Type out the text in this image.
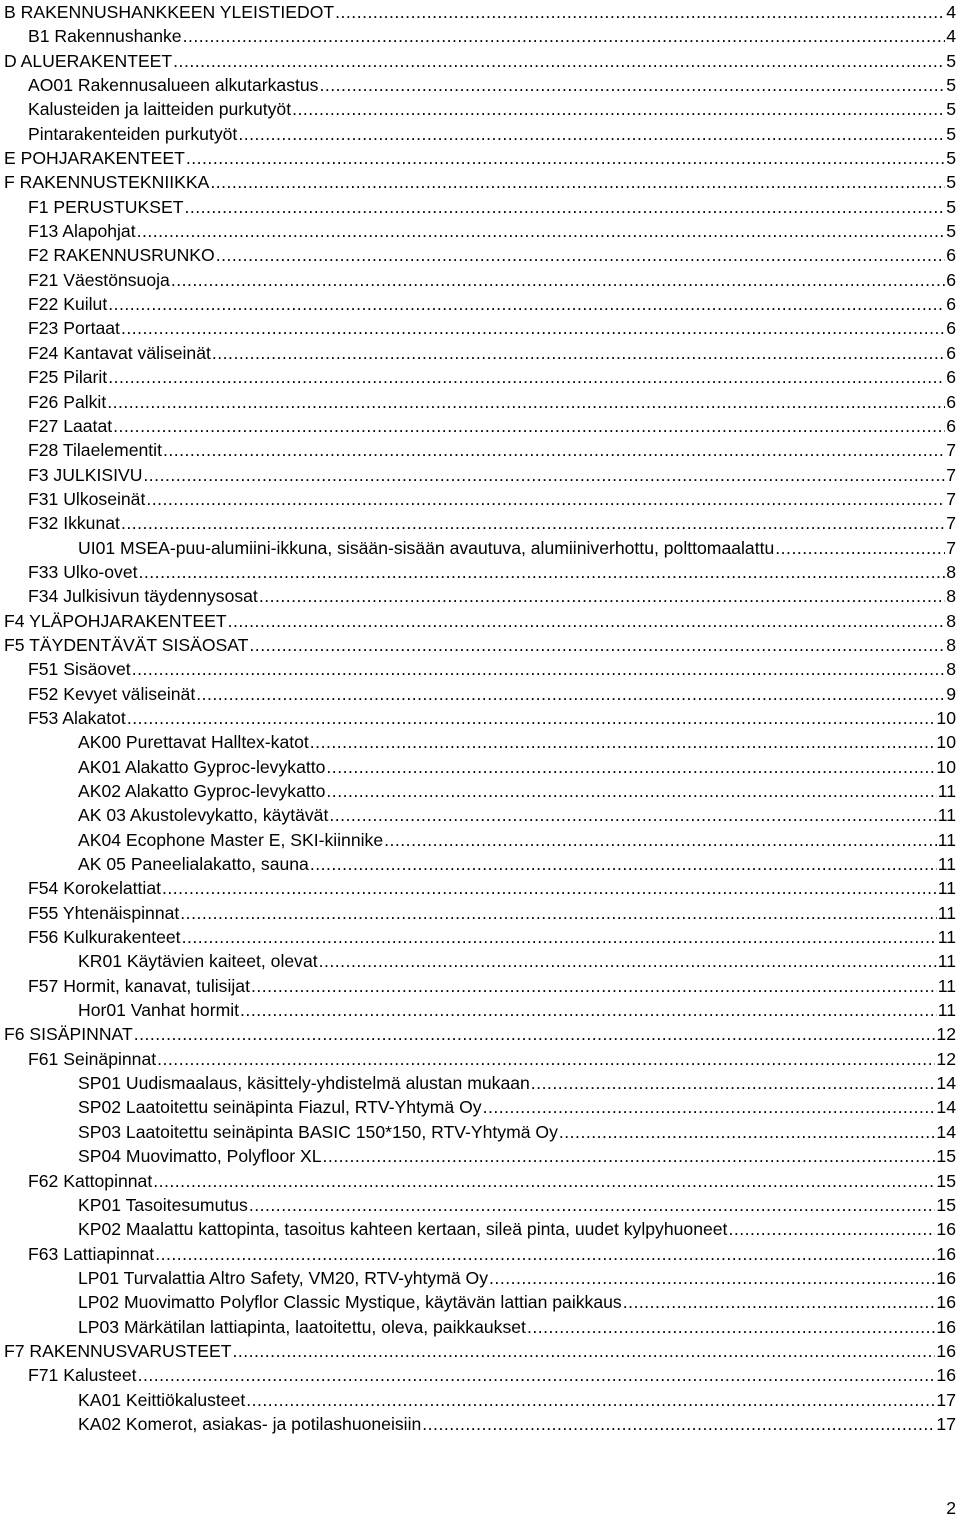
B RAKENNUSHANKKEEN YLEISTIEDOT .....	4
B1 Rakennushanke .....	4
D ALUERAKENTEET .....	5
AO01 Rakennusalueen alkutarkastus .....	5
Kalusteiden ja laitteiden purkutyöt .....	5
Pintarakenteiden purkutyöt .....	5
E POHJARAKENTEET .....	5
F RAKENNUSTEKNIIKKA .....	5
F1 PERUSTUKSET .....	5
F13 Alapohjat .....	5
F2 RAKENNUSRUNKO .....	6
F21 Väestönsuoja .....	6
F22 Kuilut .....	6
F23 Portaat .....	6
F24 Kantavat väliseinät .....	6
F25 Pilarit .....	6
F26 Palkit .....	6
F27 Laatat .....	6
F28 Tilaelementit .....	7
F3 JULKISIVU .....	7
F31 Ulkoseinät .....	7
F32 Ikkunat .....	7
UI01 MSEA-puu-alumiini-ikkuna, sisään-sisään avautuva, alumiiniverhottu, polttomaalattu .....	7
F33 Ulko-ovet .....	8
F34 Julkisivun täydennysosat .....	8
F4 YLÄPOHJARAKENTEET .....	8
F5 TÄYDENTÄVÄT SISÄOSAT .....	8
F51 Sisäovet .....	8
F52 Kevyet väliseinät .....	9
F53 Alakatot .....	10
AK00 Purettavat Halltex-katot .....	10
AK01 Alakatto Gyproc-levykatto .....	10
AK02 Alakatto Gyproc-levykatto .....	11
AK 03 Akustolevykatto, käytävät .....	11
AK04 Ecophone Master E, SKI-kiinnike .....	11
AK 05 Paneelialakatto, sauna .....	11
F54 Korokelattiat .....	11
F55 Yhtenäispinnat .....	11
F56 Kulkurakenteet .....	11
KR01 Käytävien kaiteet, olevat .....	11
F57 Hormit, kanavat, tulisijat .....	11
Hor01 Vanhat hormit .....	11
F6 SISÄPINNAT .....	12
F61 Seinäpinnat .....	12
SP01 Uudismaalaus, käsittely-yhdistelmä alustan mukaan .....	14
SP02 Laatoitettu seinäpinta Fiazul, RTV-Yhtymä Oy .....	14
SP03 Laatoitettu seinäpinta BASIC 150*150, RTV-Yhtymä Oy .....	14
SP04 Muovimatto, Polyfloor XL .....	15
F62 Kattopinnat .....	15
KP01 Tasoitesumutus .....	15
KP02 Maalattu kattopinta, tasoitus kahteen kertaan, sileä pinta, uudet kylpyhuoneet .....	16
F63 Lattiapinnat .....	16
LP01 Turvalattia Altro Safety, VM20, RTV-yhtymä Oy .....	16
LP02 Muovimatto Polyflor Classic Mystique, käytävän lattian paikkaus .....	16
LP03 Märkätilan lattiapinta, laatoitettu, oleva, paikkaukset .....	16
F7 RAKENNUSVARUSTEET .....	16
F71 Kalusteet .....	16
KA01 Keittiökalusteet .....	17
KA02 Komerot, asiakas- ja potilashuoneisiin .....	17
2
